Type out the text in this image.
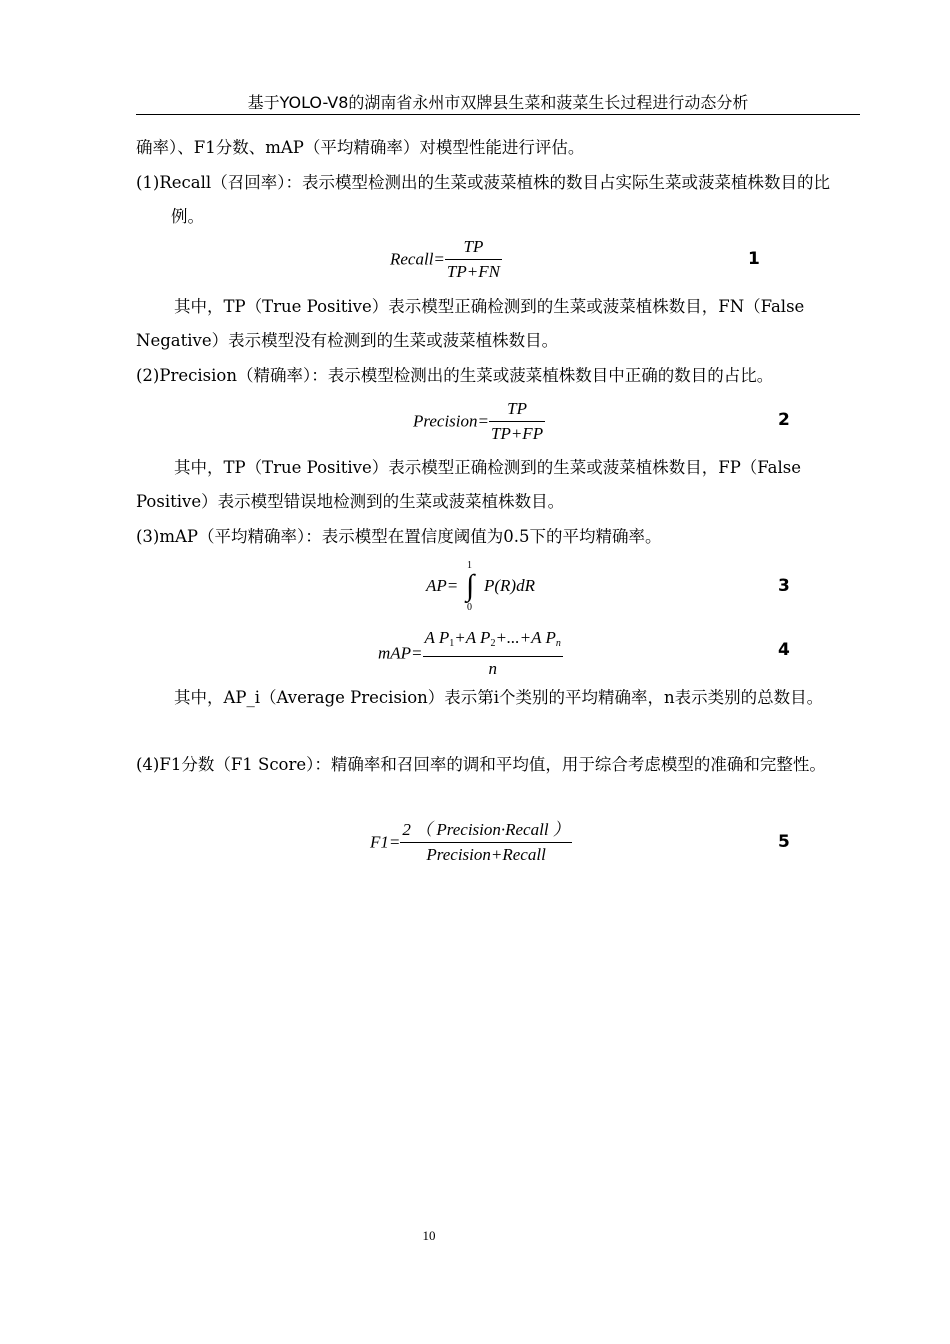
基于YOLO-V8的湖南省永州市双牌县生菜和菠菜生长过程进行动态分析

确率）、F1分数、mAP（平均精确率）对模型性能进行评估。

(1)Recall（召回率）：表示模型检测出的生菜或菠菜植株的数目占实际生菜或菠菜植株数目的比例。

Recall= $\frac{TP}{TP+FN}$	1

其中，TP（True Positive）表示模型正确检测到的生菜或菠菜植株数目，FN（False Negative）表示模型没有检测到的生菜或菠菜植株数目。

(2)Precision（精确率）：表示模型检测出的生菜或菠菜植株数目中正确的数目的占比。

Precision= $\frac{TP}{TP+FP}$	2

其中，TP（True Positive）表示模型正确检测到的生菜或菠菜植株数目，FP（False Positive）表示模型错误地检测到的生菜或菠菜植株数目。

(3)mAP（平均精确率）：表示模型在置信度阈值为0.5下的平均精确率。

AP=
1
∫
0
P(R)dR	3
$mAP= \frac{A P_1+A P_2+...+A Pn}{n}$	4

其中，AP_i（Average Precision）表示第i个类别的平均精确率，n表示类别的总数目。

(4)F1分数（F1 Score）：精确率和召回率的调和平均值，用于综合考虑模型的准确和完整性。

$F1= \frac{\text{2 （ Precision·Recall ）}}{\text{Precision+Recall}}$	5
10
